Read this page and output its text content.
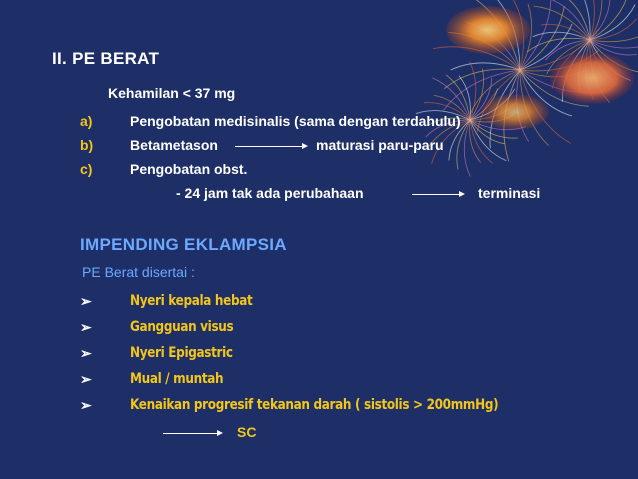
II. PE BERAT
Kehamilan < 37 mg
a)	Pengobatan medisinalis (sama dengan terdahulu)
b)	Betametason	maturasi paru-paru
c)	Pengobatan obst.
- 24 jam tak ada perubahaan	terminasi
IMPENDING EKLAMPSIA
PE Berat disertai :
➢	Nyeri kepala hebat
➢	Gangguan visus
➢	Nyeri Epigastric
➢	Mual / muntah
➢	Kenaikan progresif tekanan darah ( sistolis > 200mmHg)
SC
